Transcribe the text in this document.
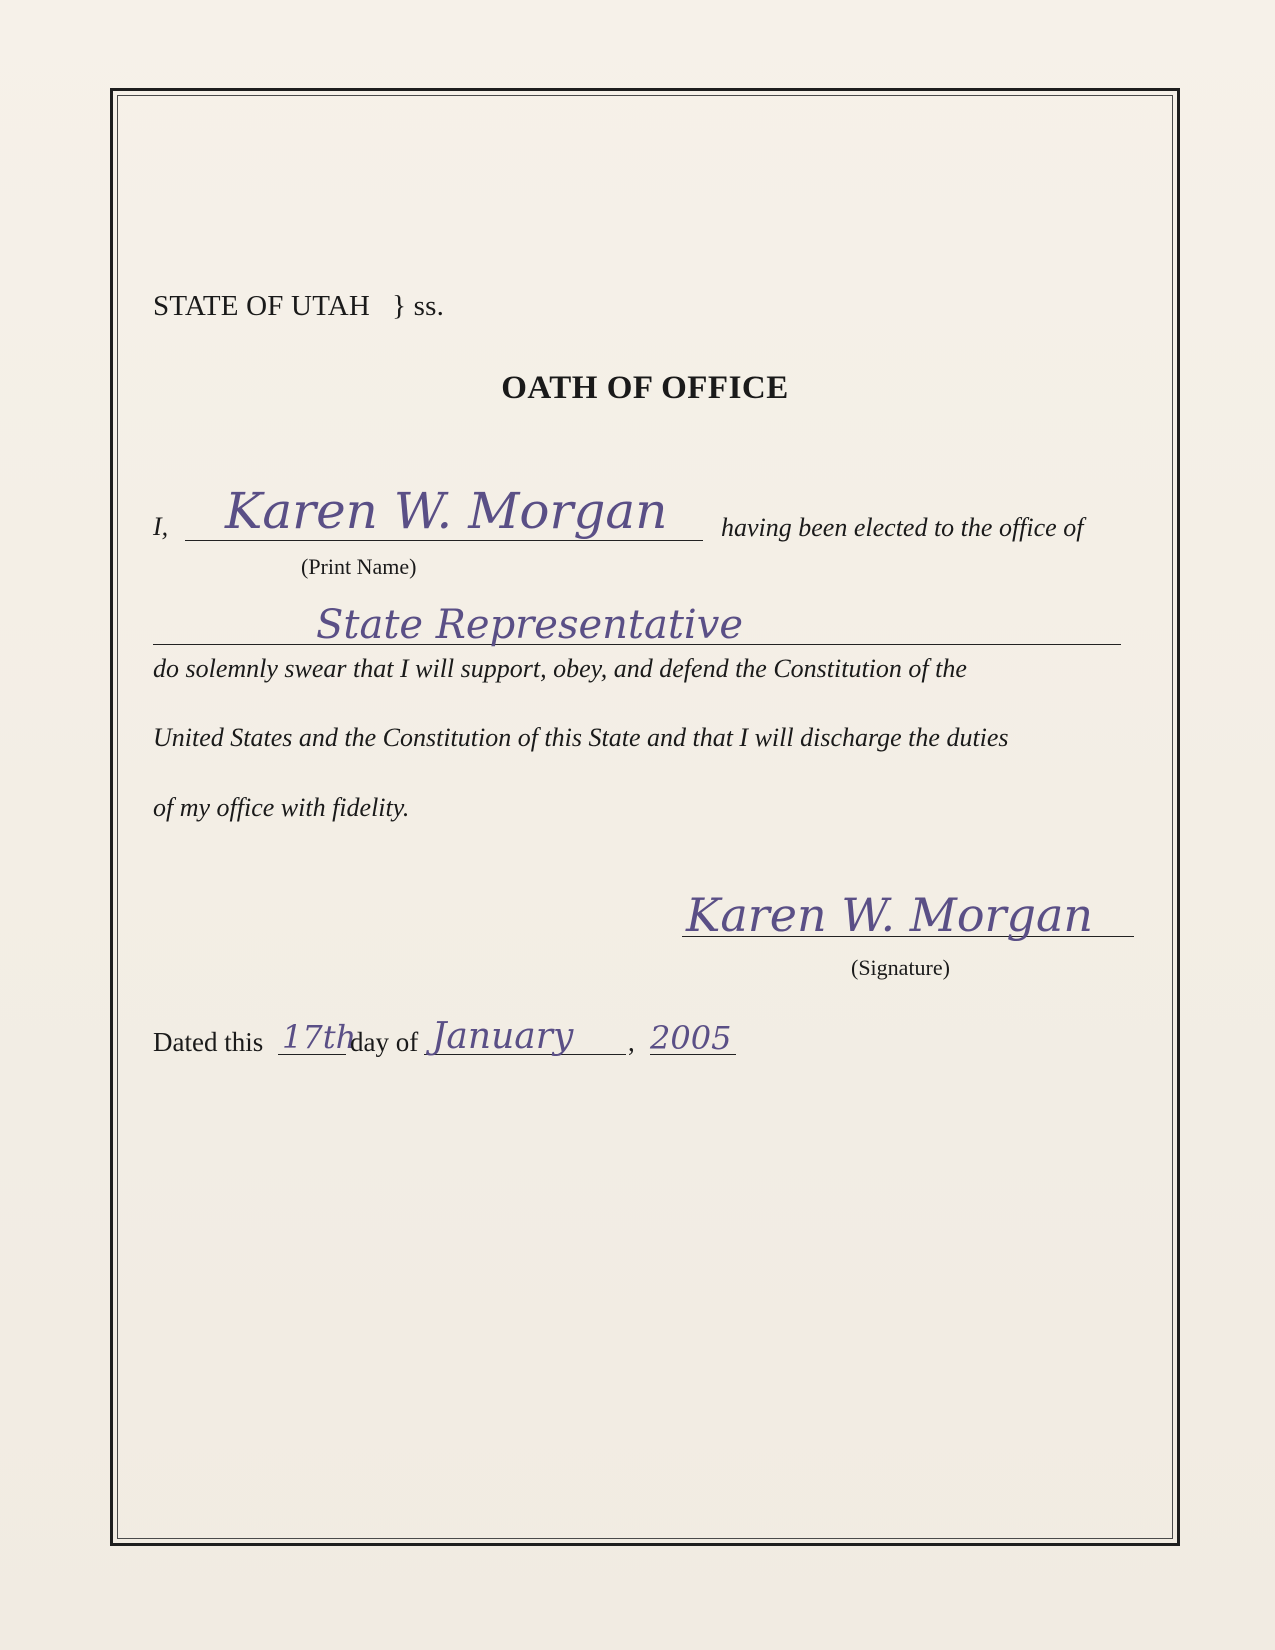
STATE OF UTAH } ss.
OATH OF OFFICE
I, Karen W. Morgan
(Print Name)
having been elected to the office of
State Representative
do solemnly swear that I will support, obey, and defend the Constitution of the
United States and the Constitution of this State and that I will discharge the duties
of my office with fidelity.
Karen W. Morgan
(Signature)
Dated this 17th
day of January , 2005
